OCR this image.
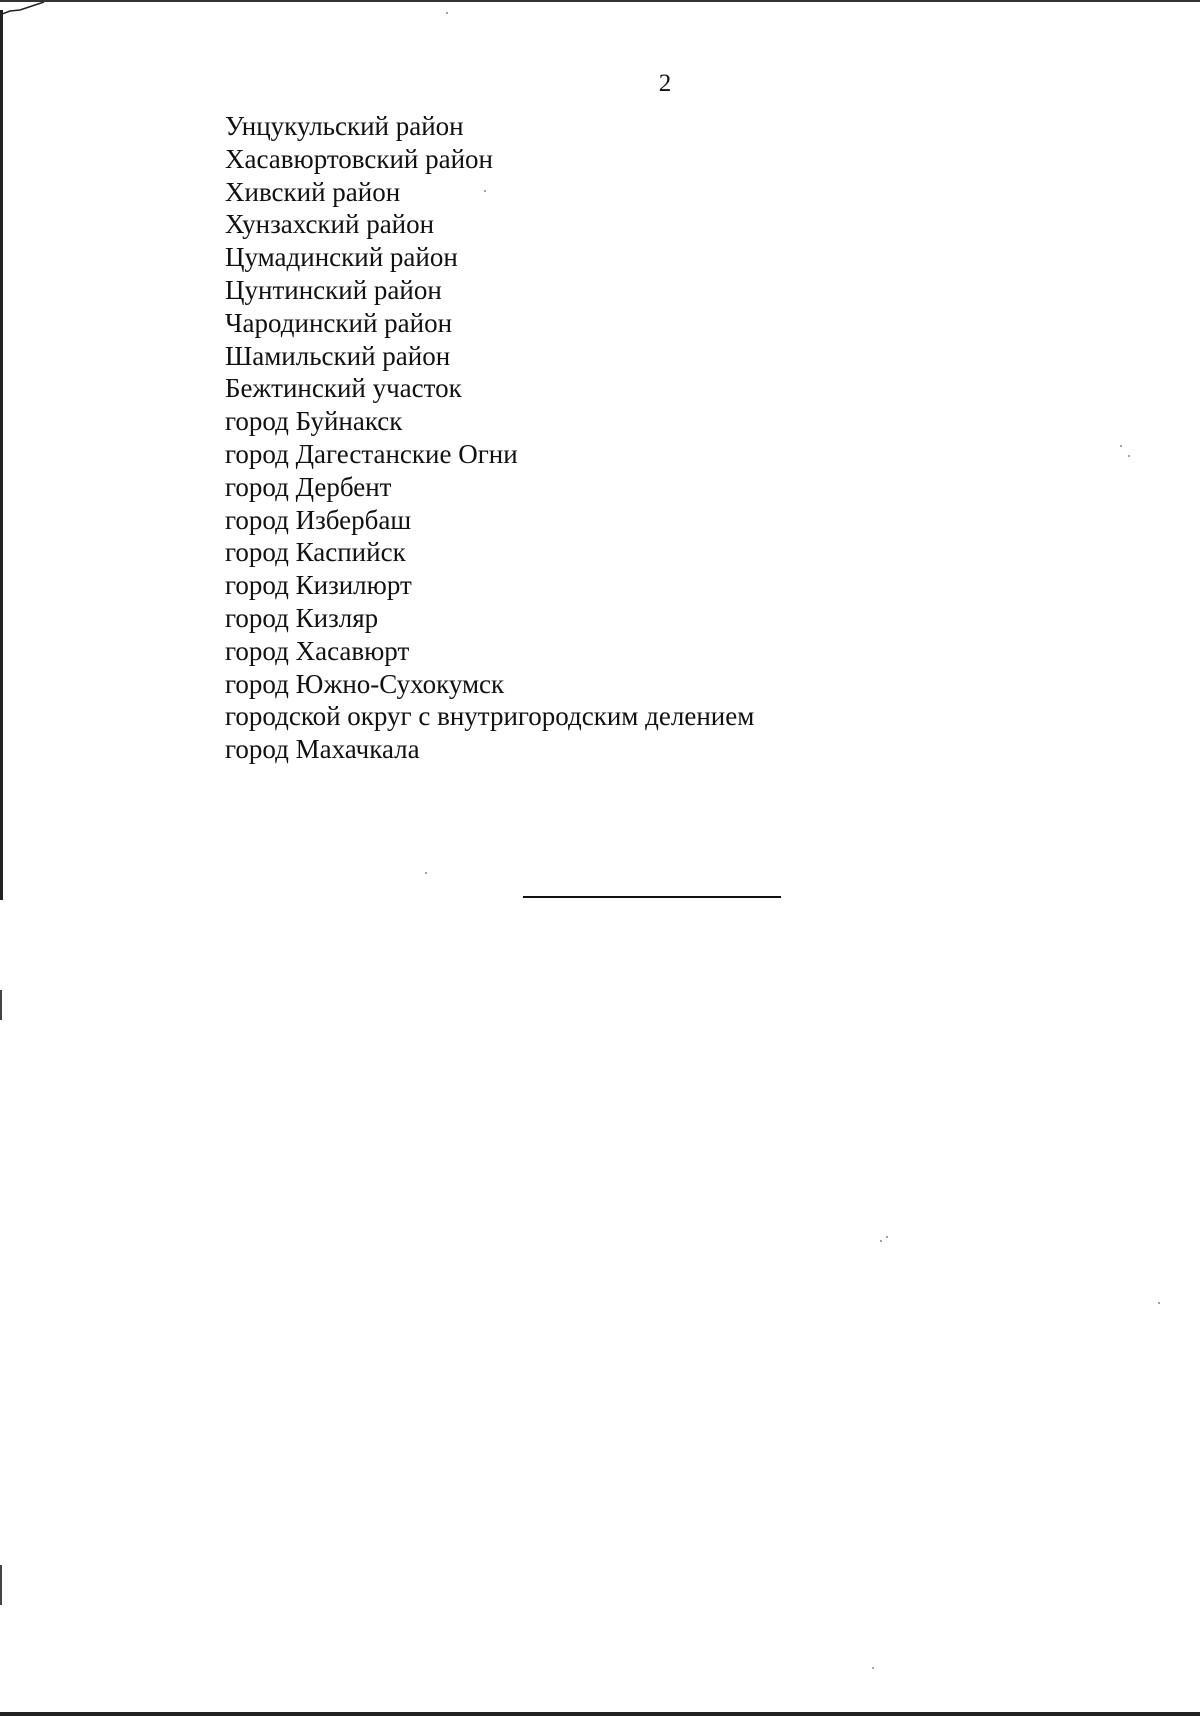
2
Унцукульский район
Хасавюртовский район
Хивский район
Хунзахский район
Цумадинский район
Цунтинский район
Чародинский район
Шамильский район
Бежтинский участок
город Буйнакск
город Дагестанские Огни
город Дербент
город Избербаш
город Каспийск
город Кизилюрт
город Кизляр
город Хасавюрт
город Южно-Сухокумск
городской округ с внутригородским делением
город Махачкала
